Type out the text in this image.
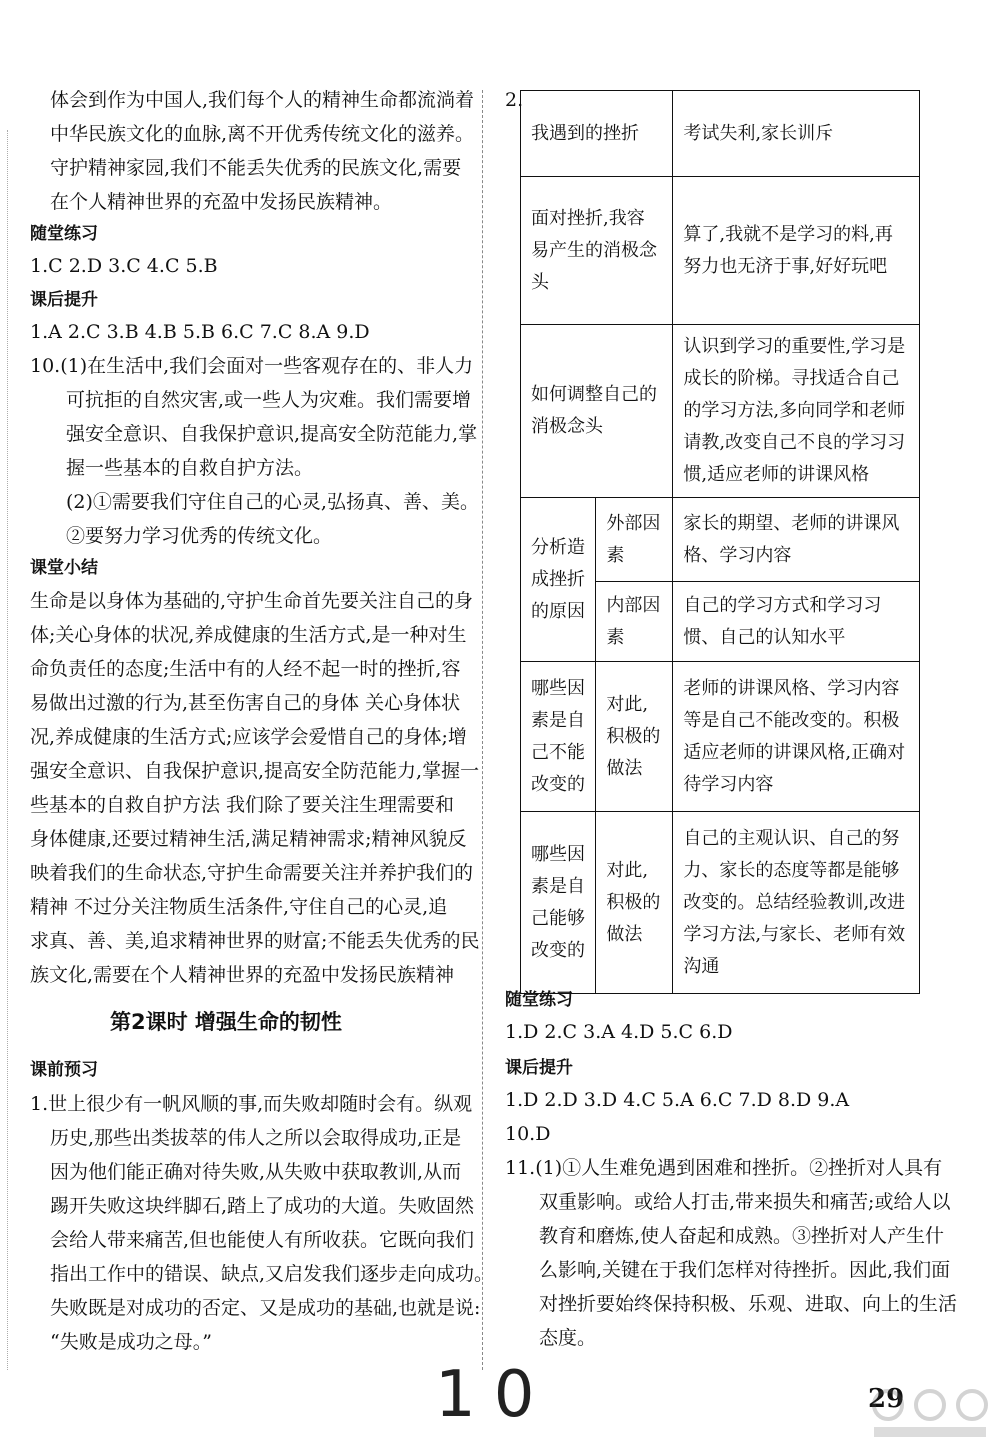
体会到作为中国人,我们每个人的精神生命都流淌着
中华民族文化的血脉,离不开优秀传统文化的滋养。
守护精神家园,我们不能丢失优秀的民族文化,需要
在个人精神世界的充盈中发扬民族精神。
随堂练习
1.C 2.D 3.C 4.C 5.B
课后提升
1.A 2.C 3.B 4.B 5.B 6.C 7.C 8.A 9.D
10.(1)在生活中,我们会面对一些客观存在的、非人力
可抗拒的自然灾害,或一些人为灾难。我们需要增
强安全意识、自我保护意识,提高安全防范能力,掌
握一些基本的自救自护方法。
(2)①需要我们守住自己的心灵,弘扬真、善、美。
②要努力学习优秀的传统文化。
课堂小结
生命是以身体为基础的,守护生命首先要关注自己的身
体;关心身体的状况,养成健康的生活方式,是一种对生
命负责任的态度;生活中有的人经不起一时的挫折,容
易做出过激的行为,甚至伤害自己的身体 关心身体状
况,养成健康的生活方式;应该学会爱惜自己的身体;增
强安全意识、自我保护意识,提高安全防范能力,掌握一
些基本的自救自护方法 我们除了要关注生理需要和
身体健康,还要过精神生活,满足精神需求;精神风貌反
映着我们的生命状态,守护生命需要关注并养护我们的
精神 不过分关注物质生活条件,守住自己的心灵,追
求真、善、美,追求精神世界的财富;不能丢失优秀的民
族文化,需要在个人精神世界的充盈中发扬民族精神
第2课时 增强生命的韧性
课前预习
1.世上很少有一帆风顺的事,而失败却随时会有。纵观
历史,那些出类拔萃的伟人之所以会取得成功,正是
因为他们能正确对待失败,从失败中获取教训,从而
踢开失败这块绊脚石,踏上了成功的大道。失败固然
会给人带来痛苦,但也能使人有所收获。它既向我们
指出工作中的错误、缺点,又启发我们逐步走向成功。
失败既是对成功的否定、又是成功的基础,也就是说:
“失败是成功之母。”
2.
我遇到的挫折		考试失利,家长训斥
面对挫折,我容易产生的消极念头		算了,我就不是学习的料,再努力也无济于事,好好玩吧
如何调整自己的消极念头		认识到学习的重要性,学习是成长的阶梯。寻找适合自己的学习方法,多向同学和老师请教,改变自己不良的学习习惯,适应老师的讲课风格
分析造成挫折的原因	外部因素	家长的期望、老师的讲课风格、学习内容
	内部因素	自己的学习方式和学习习惯、自己的认知水平
哪些因素是自己不能改变的	对此,积极的做法	老师的讲课风格、学习内容等是自己不能改变的。积极适应老师的讲课风格,正确对待学习内容
哪些因素是自己能够改变的	对此,积极的做法	自己的主观认识、自己的努力、家长的态度等都是能够改变的。总结经验教训,改进学习方法,与家长、老师有效沟通
随堂练习
1.D 2.C 3.A 4.D 5.C 6.D
课后提升
1.D 2.D 3.D 4.C 5.A 6.C 7.D 8.D 9.A
10.D
11.(1)①人生难免遇到困难和挫折。②挫折对人具有
双重影响。或给人打击,带来损失和痛苦;或给人以
教育和磨炼,使人奋起和成熟。③挫折对人产生什
么影响,关键在于我们怎样对待挫折。因此,我们面
对挫折要始终保持积极、乐观、进取、向上的生活
态度。
10	29
